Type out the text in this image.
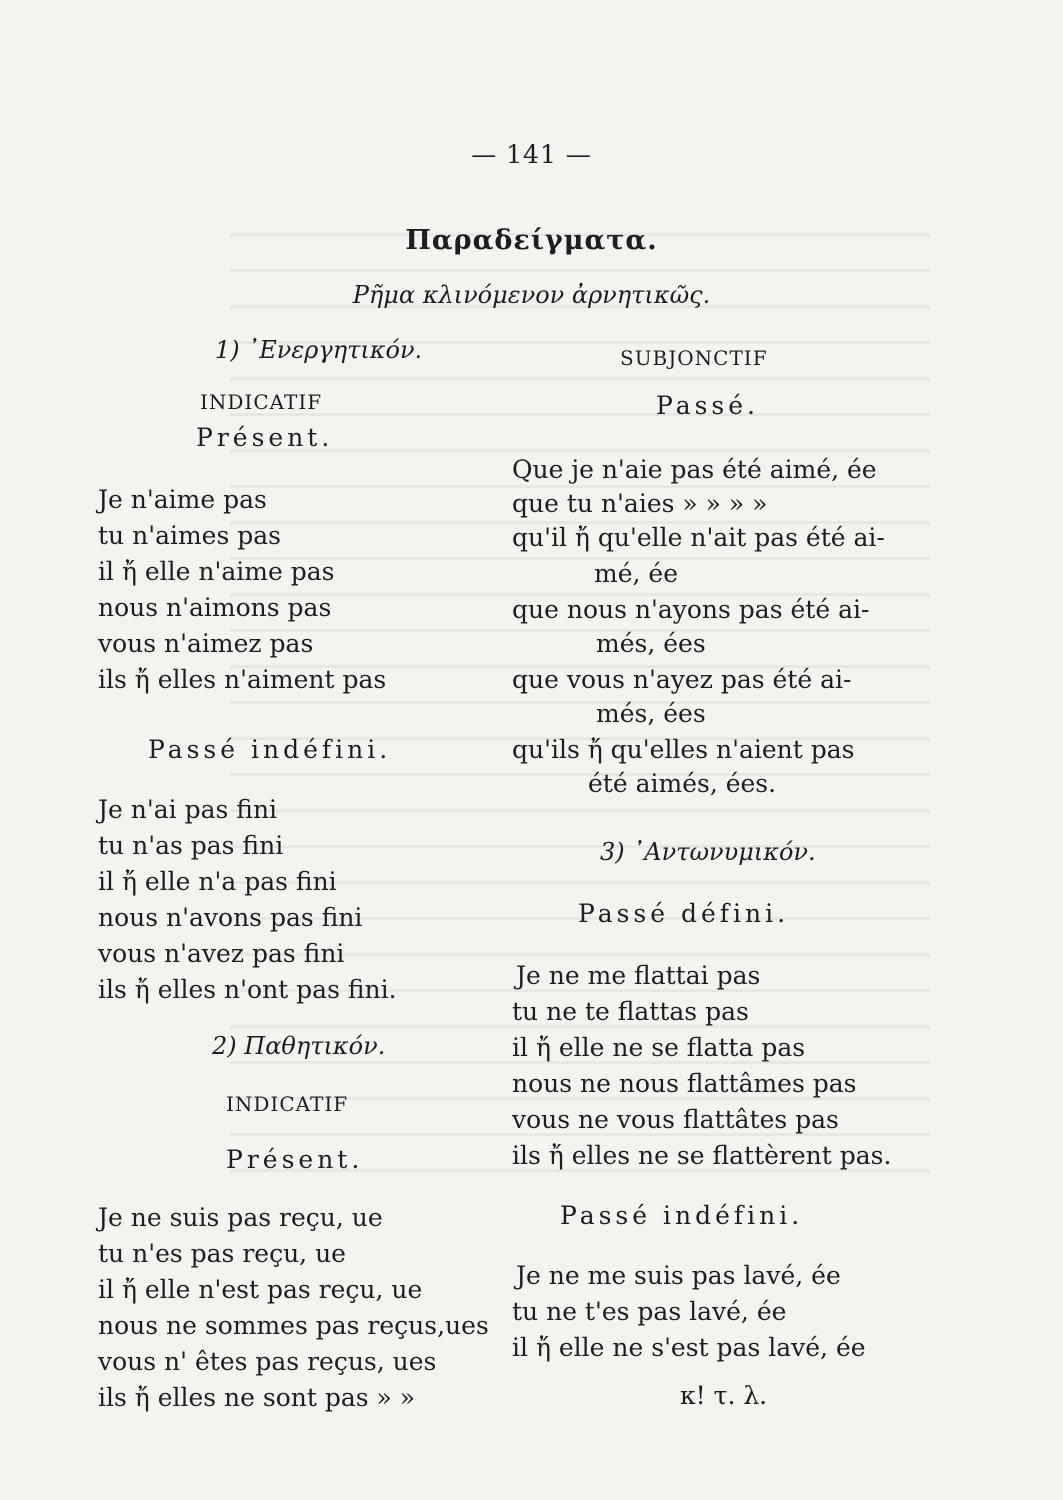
— 141 —

Παραδείγματα.

Ρῆμα κλινόμενον ἀρνητικῶς.

1) ᾿Ενεργητικόν.

INDICATIF

Présent.

Je n'aime pas

tu n'aimes pas

il ἤ elle n'aime pas

nous n'aimons pas

vous n'aimez pas

ils ἤ elles n'aiment pas

Passé indéfini.

Je n'ai pas fini

tu n'as pas fini

il ἤ elle n'a pas fini

nous n'avons pas fini

vous n'avez pas fini

ils ἤ elles n'ont pas fini.

2) Παθητικόν.

INDICATIF

Présent.

Je ne suis pas reçu, ue

tu n'es pas reçu, ue

il ἤ elle n'est pas reçu, ue

nous ne sommes pas reçus,ues

vous n' êtes pas reçus, ues

ils ἤ elles ne sont pas » »

SUBJONCTIF

Passé.

Que je n'aie pas été aimé, ée

que tu n'aies » » » »

qu'il ἤ qu'elle n'ait pas été ai-

mé, ée

que nous n'ayons pas été ai-

més, ées

que vous n'ayez pas été ai-

més, ées

qu'ils ἤ qu'elles n'aient pas

été aimés, ées.

3) ᾿Αντωνυμικόν.

Passé défini.

Je ne me flattai pas

tu ne te flattas pas

il ἤ elle ne se flatta pas

nous ne nous flattâmes pas

vous ne vous flattâtes pas

ils ἤ elles ne se flattèrent pas.

Passé indéfini.

Je ne me suis pas lavé, ée

tu ne t'es pas lavé, ée

il ἤ elle ne s'est pas lavé, ée

κ! τ. λ.
